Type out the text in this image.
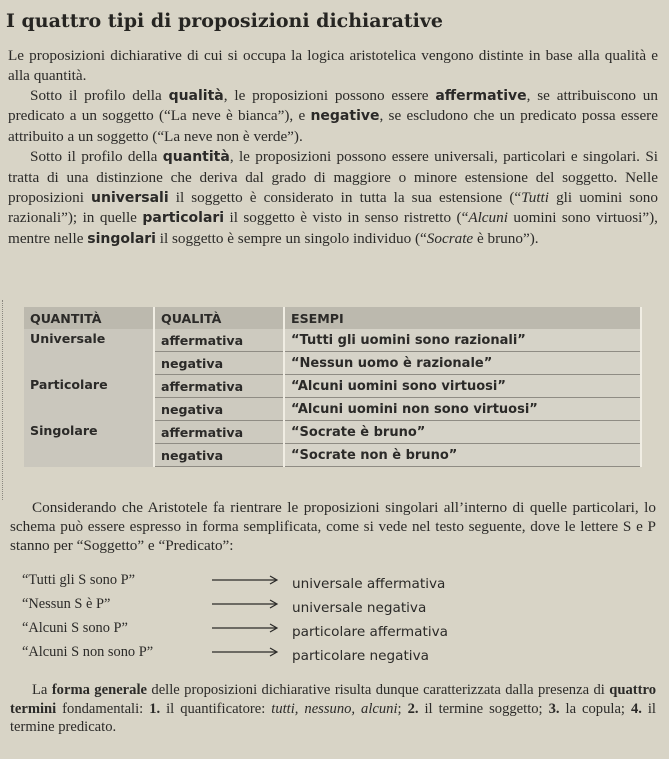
I quattro tipi di proposizioni dichiarative

Le proposizioni dichiarative di cui si occupa la logica aristotelica vengono distinte in base alla qualità e alla quantità.

Sotto il profilo della qualità, le proposizioni possono essere affermative, se attribuiscono un predicato a un soggetto (“La neve è bianca”), e negative, se escludono che un predicato possa essere attribuito a un soggetto (“La neve non è verde”).

Sotto il profilo della quantità, le proposizioni possono essere universali, particolari e singolari. Si tratta di una distinzione che deriva dal grado di maggiore o minore estensione del soggetto. Nelle proposizioni universali il soggetto è considerato in tutta la sua estensione (“Tutti gli uomini sono razionali”); in quelle particolari il soggetto è visto in senso ristretto (“Alcuni uomini sono virtuosi”), mentre nelle singolari il soggetto è sempre un singolo individuo (“Socrate è bruno”).

QUANTITÀ	QUALITÀ	ESEMPI
Universale	affermativa	“Tutti gli uomini sono razionali”
	negativa	“Nessun uomo è razionale”
Particolare	affermativa	“Alcuni uomini sono virtuosi”
	negativa	“Alcuni uomini non sono virtuosi”
Singolare	affermativa	“Socrate è bruno”
	negativa	“Socrate non è bruno”

Considerando che Aristotele fa rientrare le proposizioni singolari all’interno di quelle particolari, lo schema può essere espresso in forma semplificata, come si vede nel testo seguente, dove le lettere S e P stanno per “Soggetto” e “Predicato”:

“Tutti gli S sono P”	universale affermativa
“Nessun S è P”	universale negativa
“Alcuni S sono P”	particolare affermativa
“Alcuni S non sono P”	particolare negativa

La forma generale delle proposizioni dichiarative risulta dunque caratterizzata dalla presenza di quattro termini fondamentali: 1. il quantificatore: tutti, nessuno, alcuni; 2. il termine soggetto; 3. la copula; 4. il termine predicato.
